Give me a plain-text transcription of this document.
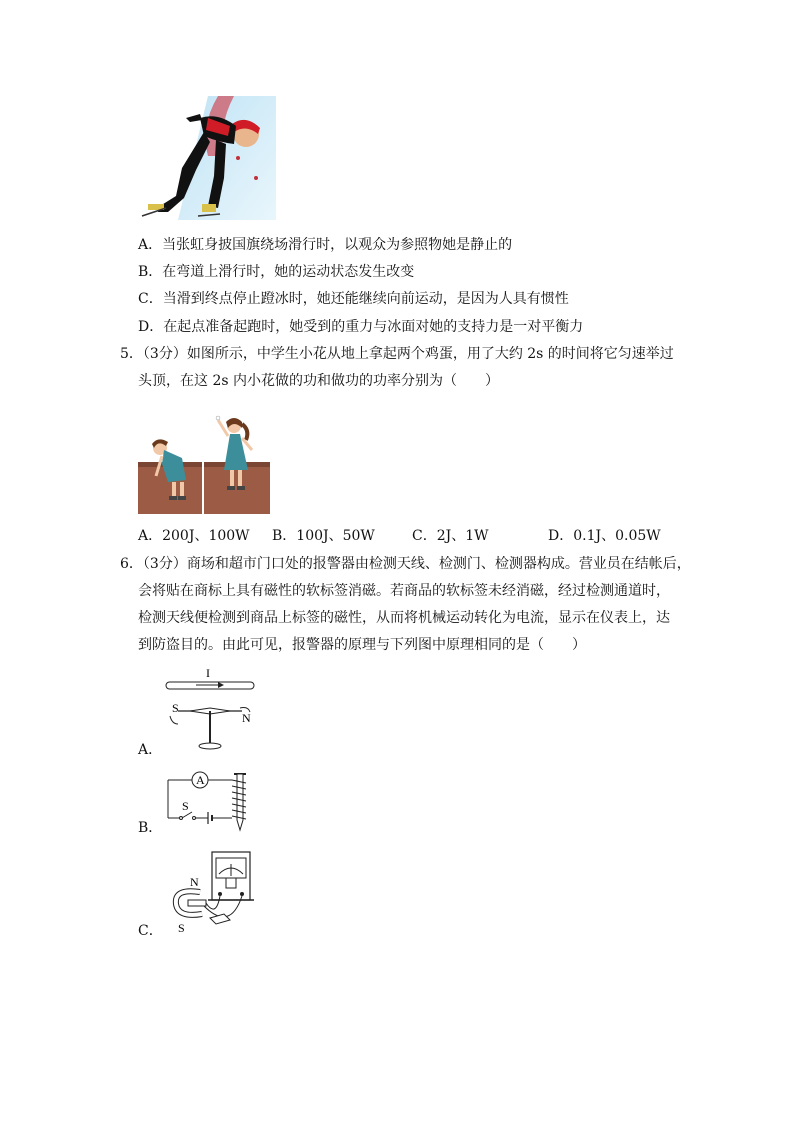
A．当张虹身披国旗绕场滑行时，以观众为参照物她是静止的
B．在弯道上滑行时，她的运动状态发生改变
C．当滑到终点停止蹬冰时，她还能继续向前运动，是因为人具有惯性
D．在起点准备起跑时，她受到的重力与冰面对她的支持力是一对平衡力
5．（3分）如图所示，中学生小花从地上拿起两个鸡蛋，用了大约 2s 的时间将它匀速举过
头顶，在这 2s 内小花做的功和做功的功率分别为（　　）
A．200J、100W B．100J、50W	C．2J、1W	D．0.1J、0.05W
6．（3分）商场和超市门口处的报警器由检测天线、检测门、检测器构成。营业员在结帐后，
会将贴在商标上具有磁性的软标签消磁。若商品的软标签未经消磁，经过检测通道时，
检测天线便检测到商品上标签的磁性，从而将机械运动转化为电流，显示在仪表上，达
到防盗目的。由此可见，报警器的原理与下列图中原理相同的是（　　）
I
S
N
A．
A
S
B．
N
S
C．
